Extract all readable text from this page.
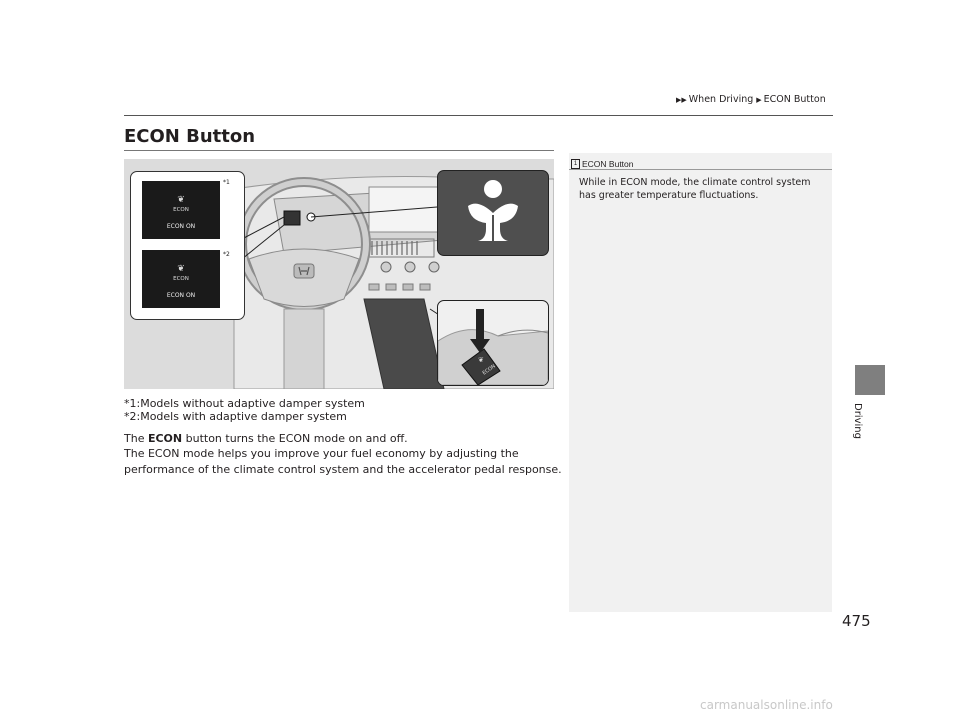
▶▶ When Driving ▶ ECON Button
ECON Button
❦
ECON
ECON ON
*1
❦
ECON
ECON ON
*2
❦
ECON
*1:Models without adaptive damper system
*2:Models with adaptive damper system
The ECON button turns the ECON mode on and off.
The ECON mode helps you improve your fuel economy by adjusting the
performance of the climate control system and the accelerator pedal response.
1 ECON Button
While in ECON mode, the climate control system has greater temperature fluctuations.
Driving
475
carmanualsonline.info
